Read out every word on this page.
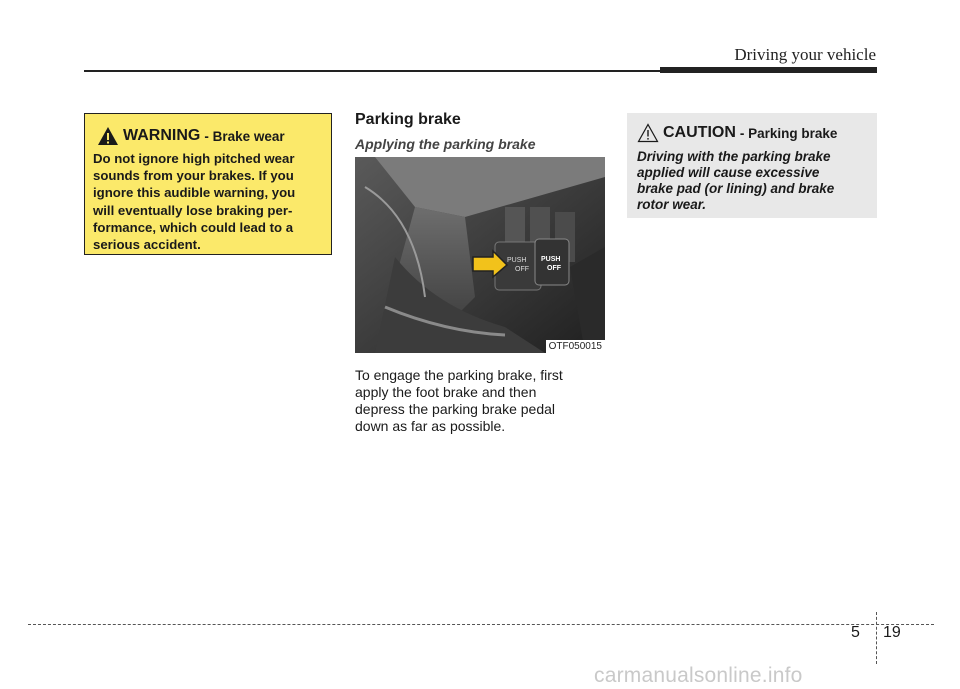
Driving your vehicle
WARNING - Brake wear
Do not ignore high pitched wear
sounds from your brakes. If you
ignore this audible warning, you
will eventually lose braking per-
formance, which could lead to a
serious accident.
Parking brake
Applying the parking brake
PUSH
OFF
PUSH
OFF
OTF050015
To engage the parking brake, first
apply the foot brake and then
depress the parking brake pedal
down as far as possible.
CAUTION - Parking brake
Driving with the parking brake
applied will cause excessive
brake pad (or lining) and brake
rotor wear.
5 19
carmanualsonline.info
